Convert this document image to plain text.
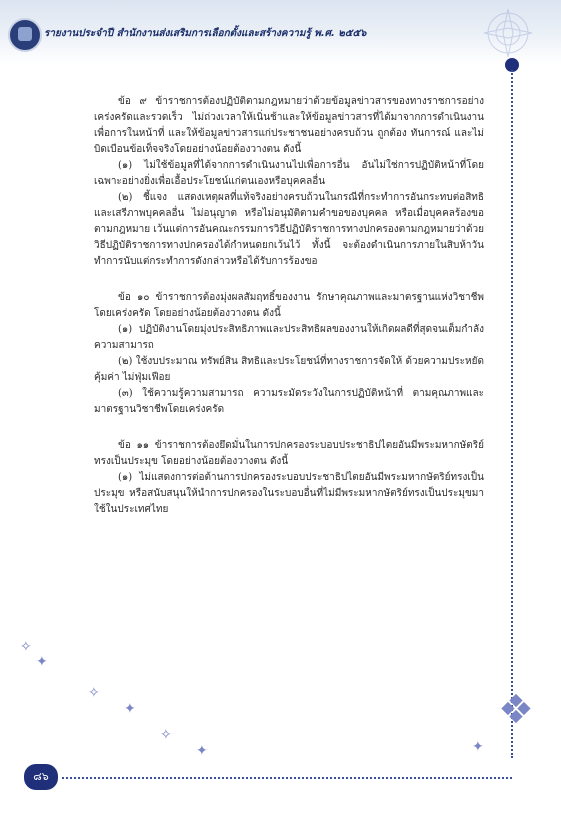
รายงานประจำปี สำนักงานส่งเสริมการเลือกตั้งและสร้างความรู้ พ.ศ. ๒๕๕๖

ข้อ ๙ ข้าราชการต้องปฏิบัติตามกฎหมายว่าด้วยข้อมูลข่าวสารของทางราชการอย่างเคร่งครัดและรวดเร็ว ไม่ถ่วงเวลาให้เนิ่นช้าและให้ข้อมูลข่าวสารที่ได้มาจากการดำเนินงานเพื่อการในหน้าที่ และให้ข้อมูลข่าวสารแก่ประชาชนอย่างครบถ้วน ถูกต้อง ทันการณ์ และไม่บิดเบือนข้อเท็จจริงโดยอย่างน้อยต้องวางตน ดังนี้

(๑) ไม่ใช้ข้อมูลที่ได้จากการดำเนินงานไปเพื่อการอื่น อันไม่ใช่การปฏิบัติหน้าที่โดยเฉพาะอย่างยิ่งเพื่อเอื้อประโยชน์แก่ตนเองหรือบุคคลอื่น

(๒) ชี้แจง แสดงเหตุผลที่แท้จริงอย่างครบถ้วนในกรณีที่กระทำการอันกระทบต่อสิทธิและเสรีภาพบุคคลอื่น ไม่อนุญาต หรือไม่อนุมัติตามคำขอของบุคคล หรือเมื่อบุคคลร้องขอตามกฎหมาย เว้นแต่การอันคณะกรรมการวิธีปฏิบัติราชการทางปกครองตามกฎหมายว่าด้วยวิธีปฏิบัติราชการทางปกครองได้กำหนดยกเว้นไว้ ทั้งนี้ จะต้องดำเนินการภายในสิบห้าวันทำการนับแต่กระทำการดังกล่าวหรือได้รับการร้องขอ

ข้อ ๑๐ ข้าราชการต้องมุ่งผลสัมฤทธิ์ของงาน รักษาคุณภาพและมาตรฐานแห่งวิชาชีพโดยเคร่งครัด โดยอย่างน้อยต้องวางตน ดังนี้

(๑) ปฏิบัติงานโดยมุ่งประสิทธิภาพและประสิทธิผลของงานให้เกิดผลดีที่สุดจนเต็มกำลังความสามารถ

(๒) ใช้งบประมาณ ทรัพย์สิน สิทธิและประโยชน์ที่ทางราชการจัดให้ ด้วยความประหยัด คุ้มค่า ไม่ฟุ่มเฟือย

(๓) ใช้ความรู้ความสามารถ ความระมัดระวังในการปฏิบัติหน้าที่ ตามคุณภาพและมาตรฐานวิชาชีพโดยเคร่งครัด

ข้อ ๑๑ ข้าราชการต้องยึดมั่นในการปกครองระบอบประชาธิปไตยอันมีพระมหากษัตริย์ทรงเป็นประมุข โดยอย่างน้อยต้องวางตน ดังนี้

(๑) ไม่แสดงการต่อต้านการปกครองระบอบประชาธิปไตยอันมีพระมหากษัตริย์ทรงเป็นประมุข หรือสนับสนุนให้นำการปกครองในระบอบอื่นที่ไม่มีพระมหากษัตริย์ทรงเป็นประมุขมาใช้ในประเทศไทย

✧
✦
✧
✦
✧
✦
❖
✦
๘๖
